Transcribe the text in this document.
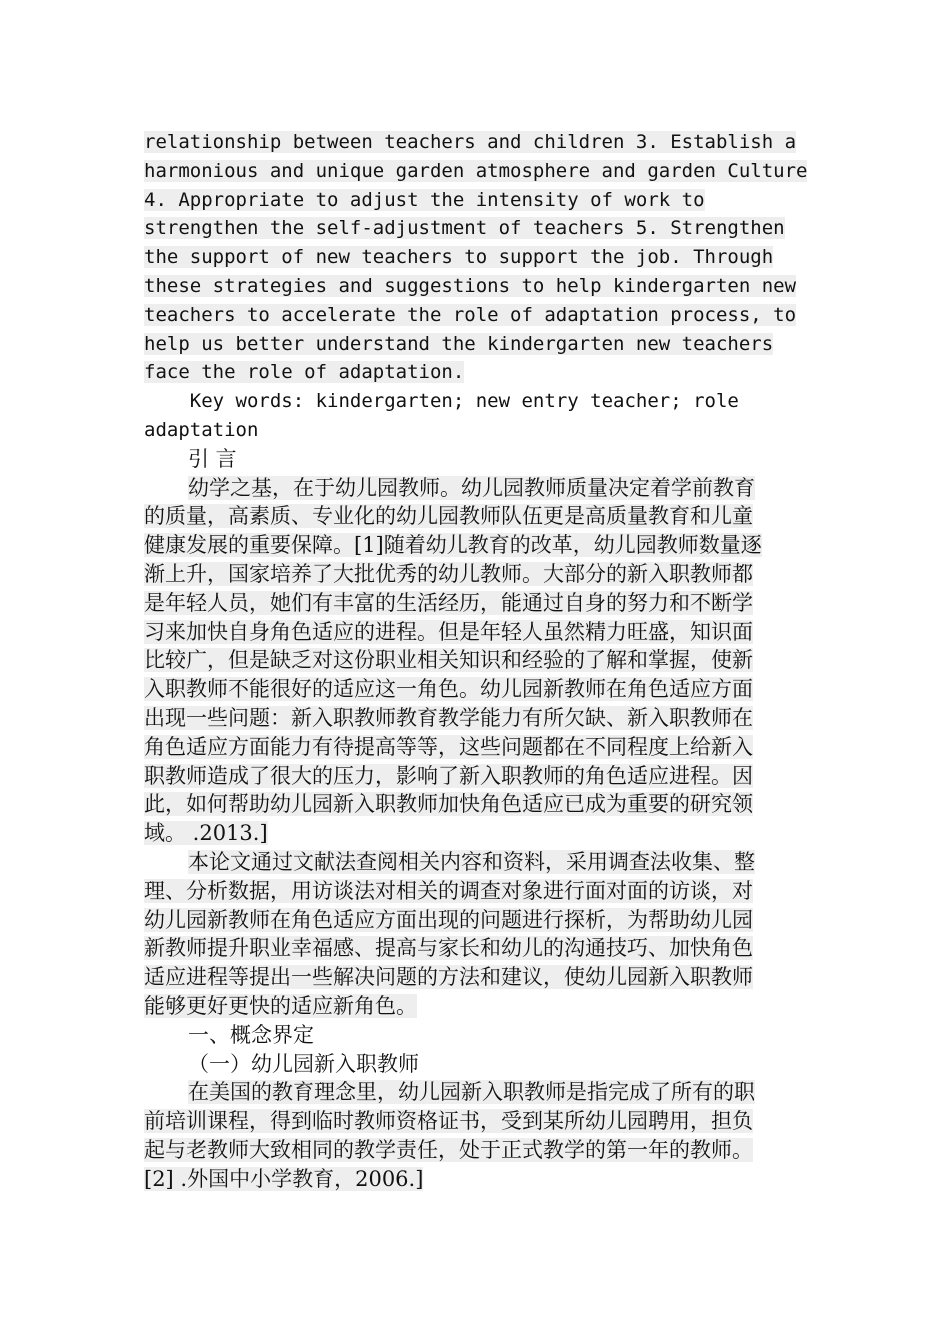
relationship between teachers and children 3. Establish a

harmonious and unique garden atmosphere and garden Culture

4. Appropriate to adjust the intensity of work to

strengthen the self-adjustment of teachers 5. Strengthen

the support of new teachers to support the job. Through

these strategies and suggestions to help kindergarten new

teachers to accelerate the role of adaptation process, to

help us better understand the kindergarten new teachers

face the role of adaptation.

Key words: kindergarten; new entry teacher; role

adaptation

引 言

幼学之基，在于幼儿园教师。幼儿园教师质量决定着学前教育

的质量，高素质、专业化的幼儿园教师队伍更是高质量教育和儿童

健康发展的重要保障。[1]随着幼儿教育的改革，幼儿园教师数量逐

渐上升，国家培养了大批优秀的幼儿教师。大部分的新入职教师都

是年轻人员，她们有丰富的生活经历，能通过自身的努力和不断学

习来加快自身角色适应的进程。但是年轻人虽然精力旺盛，知识面

比较广，但是缺乏对这份职业相关知识和经验的了解和掌握，使新

入职教师不能很好的适应这一角色。幼儿园新教师在角色适应方面

出现一些问题：新入职教师教育教学能力有所欠缺、新入职教师在

角色适应方面能力有待提高等等，这些问题都在不同程度上给新入

职教师造成了很大的压力，影响了新入职教师的角色适应进程。因

此，如何帮助幼儿园新入职教师加快角色适应已成为重要的研究领

域。 .2013.]

本论文通过文献法查阅相关内容和资料，采用调查法收集、整

理、分析数据，用访谈法对相关的调查对象进行面对面的访谈，对

幼儿园新教师在角色适应方面出现的问题进行探析，为帮助幼儿园

新教师提升职业幸福感、提高与家长和幼儿的沟通技巧、加快角色

适应进程等提出一些解决问题的方法和建议，使幼儿园新入职教师

能够更好更快的适应新角色。

一、概念界定

（一）幼儿园新入职教师

在美国的教育理念里，幼儿园新入职教师是指完成了所有的职

前培训课程，得到临时教师资格证书，受到某所幼儿园聘用，担负

起与老教师大致相同的教学责任，处于正式教学的第一年的教师。

[2] .外国中小学教育，2006.]
